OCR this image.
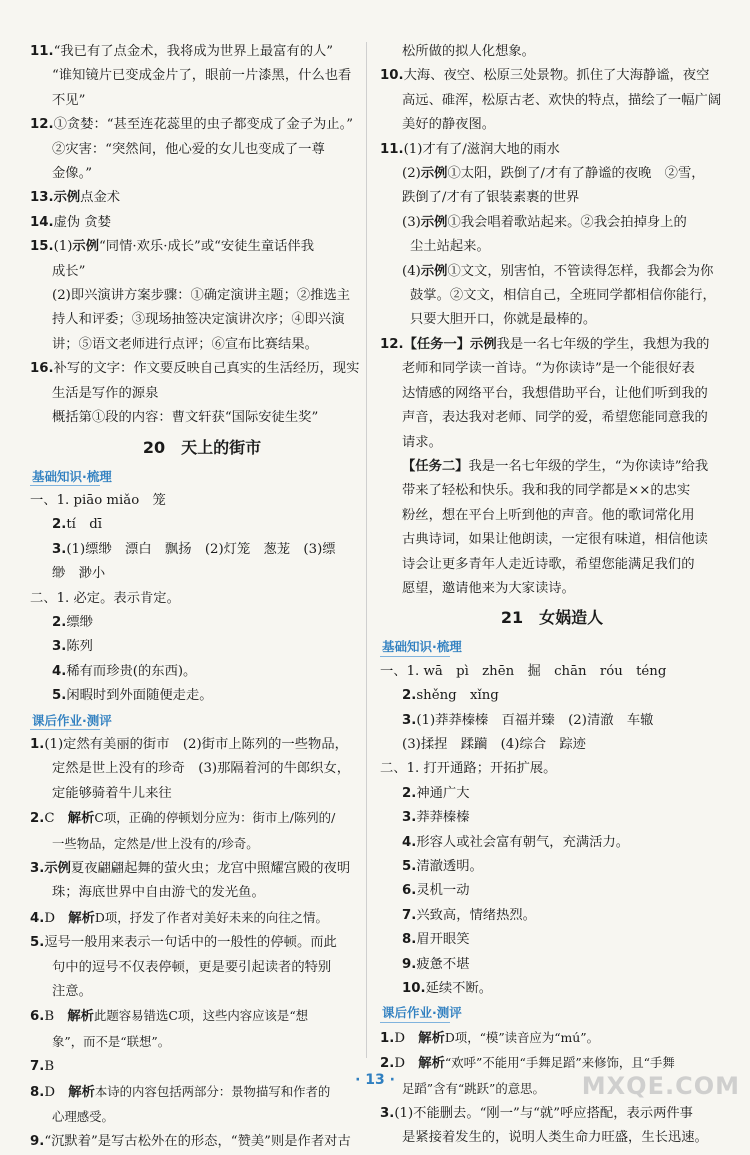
11.“我已有了点金术，我将成为世界上最富有的人”
“谁知镜片已变成金片了，眼前一片漆黑，什么也看
不见”
12.①贪婪：“甚至连花蕊里的虫子都变成了金子为止。”
②灾害：“突然间，他心爱的女儿也变成了一尊
金像。”
13.示例点金术
14.虚伪 贪婪
15.(1)示例“同情·欢乐·成长”或“安徒生童话伴我
成长”
(2)即兴演讲方案步骤：①确定演讲主题；②推选主
持人和评委；③现场抽签决定演讲次序；④即兴演
讲；⑤语文老师进行点评；⑥宣布比赛结果。
16.补写的文字：作文要反映自己真实的生活经历，现实
生活是写作的源泉
概括第①段的内容：曹文轩获“国际安徒生奖”
20　天上的街市
基础知识·梳理
一、1. piāo miǎo　笼
2.tí　dī
3.(1)缥缈　漂白　飘扬　(2)灯笼　葱茏　(3)缥
缈　渺小
二、1. 必定。表示肯定。
2.缥缈
3.陈列
4.稀有而珍贵(的东西)。
5.闲暇时到外面随便走走。
课后作业·测评
1.(1)定然有美丽的街市　(2)街市上陈列的一些物品，
定然是世上没有的珍奇　(3)那隔着河的牛郎织女，
定能够骑着牛儿来往
2.C　 解析C项，正确的停顿划分应为：街市上/陈列的/
一些物品，定然是/世上没有的/珍奇。
3.示例夏夜翩翩起舞的萤火虫；龙宫中照耀宫殿的夜明
珠；海底世界中自由游弋的发光鱼。
4.D　 解析D项，抒发了作者对美好未来的向往之情。
5.逗号一般用来表示一句话中的一般性的停顿。而此
句中的逗号不仅表停顿，更是要引起读者的特别
注意。
6.B　 解析此题容易错选C项，这些内容应该是“想
象”，而不是“联想”。
7.B
8.D　 解析本诗的内容包括两部分：景物描写和作者的
心理感受。
9.“沉默着”是写古松外在的形态，“赞美”则是作者对古
松所做的拟人化想象。
10.大海、夜空、松原三处景物。抓住了大海静谧，夜空
高远、碓浑，松原古老、欢快的特点，描绘了一幅广阔
美好的静夜图。
11.(1)才有了/滋润大地的雨水
(2)示例①太阳，跌倒了/才有了静谧的夜晚　②雪，
跌倒了/才有了银装素裹的世界
(3)示例①我会唱着歌站起来。②我会拍掉身上的
尘土站起来。
(4)示例①文文，别害怕，不管读得怎样，我都会为你
鼓掌。②文文，相信自己，全班同学都相信你能行，
只要大胆开口，你就是最棒的。
12.【任务一】示例我是一名七年级的学生，我想为我的
老师和同学读一首诗。“为你读诗”是一个能很好表
达情感的网络平台，我想借助平台，让他们听到我的
声音，表达我对老师、同学的爱，希望您能同意我的
请求。
【任务二】我是一名七年级的学生，“为你读诗”给我
带来了轻松和快乐。我和我的同学都是××的忠实
粉丝，想在平台上听到他的声音。他的歌词常化用
古典诗词，如果让他朗读，一定很有味道，相信他读
诗会让更多青年人走近诗歌，希望您能满足我们的
愿望，邀请他来为大家读诗。
21　女娲造人
基础知识·梳理
一、1. wā　pì　zhēn　掘　chān　róu　téng
2.shěng　xǐng
3.(1)莽莽榛榛　百福并臻　(2)清澈　车辙
(3)揉捏　蹂躏　(4)综合　踪迹
二、1. 打开通路；开拓扩展。
2.神通广大
3.莽莽榛榛
4.形容人或社会富有朝气，充满活力。
5.清澈透明。
6.灵机一动
7.兴致高，情绪热烈。
8.眉开眼笑
9.疲惫不堪
10.延续不断。
课后作业·测评
1.D　 解析D项，“模”读音应为“mú”。
2.D　 解析“欢呼”不能用“手舞足蹈”来修饰，且“手舞
足蹈”含有“跳跃”的意思。
3.(1)不能删去。“刚一”与“就”呼应搭配，表示两件事
是紧接着发生的，说明人类生命力旺盛，生长迅速。
· 13 ·	MXQE.COM
